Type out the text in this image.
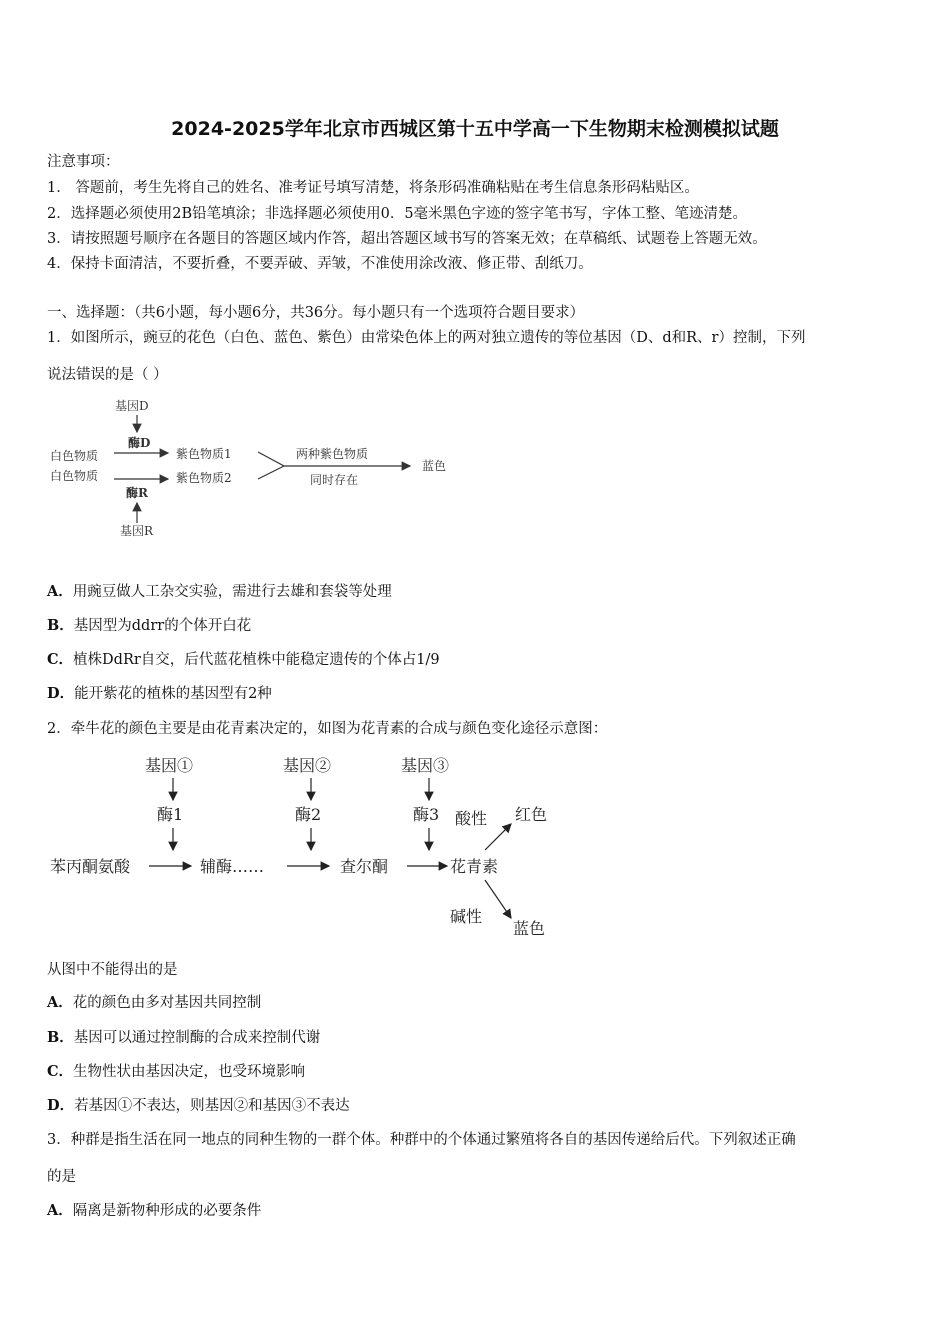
2024-2025学年北京市西城区第十五中学高一下生物期末检测模拟试题
注意事项：
1． 答题前，考生先将自己的姓名、准考证号填写清楚，将条形码准确粘贴在考生信息条形码粘贴区。
2．选择题必须使用2B铅笔填涂；非选择题必须使用0．5毫米黑色字迹的签字笔书写，字体工整、笔迹清楚。
3．请按照题号顺序在各题目的答题区域内作答，超出答题区域书写的答案无效；在草稿纸、试题卷上答题无效。
4．保持卡面清洁，不要折叠，不要弄破、弄皱，不准使用涂改液、修正带、刮纸刀。
一、选择题：（共6小题，每小题6分，共36分。每小题只有一个选项符合题目要求）
1．如图所示，豌豆的花色（白色、蓝色、紫色）由常染色体上的两对独立遗传的等位基因（D、d和R、r）控制，下列
说法错误的是（ ）
基因D
酶D
白色物质	紫色物质1
白色物质	紫色物质2
酶R
基因R
两种紫色物质
同时存在
蓝色
A．用豌豆做人工杂交实验，需进行去雄和套袋等处理
B．基因型为ddrr的个体开白花
C．植株DdRr自交，后代蓝花植株中能稳定遗传的个体占1/9
D．能开紫花的植株的基因型有2种
2．牵牛花的颜色主要是由花青素决定的，如图为花青素的合成与颜色变化途径示意图：
基因①
酶1
基因②
酶2
基因③
酶3
苯丙酮氨酸	辅酶……	查尔酮	花青素
酸性 红色
碱性
蓝色
从图中不能得出的是
A．花的颜色由多对基因共同控制
B．基因可以通过控制酶的合成来控制代谢
C．生物性状由基因决定，也受环境影响
D．若基因①不表达，则基因②和基因③不表达
3．种群是指生活在同一地点的同种生物的一群个体。种群中的个体通过繁殖将各自的基因传递给后代。下列叙述正确
的是
A．隔离是新物种形成的必要条件
